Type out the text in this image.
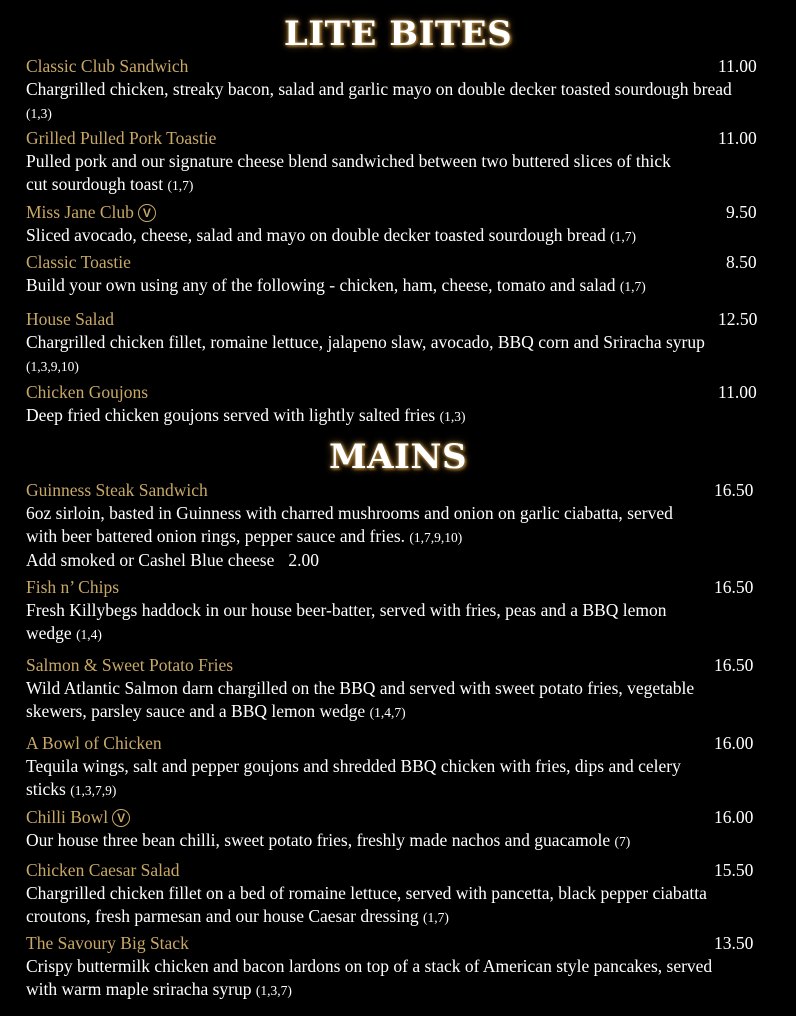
LITE BITES
Classic Club Sandwich	11.00
Chargrilled chicken, streaky bacon, salad and garlic mayo on double decker toasted sourdough bread (1,3)
Grilled Pulled Pork Toastie	11.00
Pulled pork and our signature cheese blend sandwiched between two buttered slices of thick cut sourdough toast (1,7)
Miss Jane Club V	9.50
Sliced avocado, cheese, salad and mayo on double decker toasted sourdough bread (1,7)
Classic Toastie	8.50
Build your own using any of the following - chicken, ham, cheese, tomato and salad (1,7)
House Salad	12.50
Chargrilled chicken fillet, romaine lettuce, jalapeno slaw, avocado, BBQ corn and Sriracha syrup (1,3,9,10)
Chicken Goujons	11.00
Deep fried chicken goujons served with lightly salted fries (1,3)
MAINS
Guinness Steak Sandwich	16.50
6oz sirloin, basted in Guinness with charred mushrooms and onion on garlic ciabatta, served with beer battered onion rings, pepper sauce and fries. (1,7,9,10)
Add smoked or Cashel Blue cheese 2.00
Fish n’ Chips	16.50
Fresh Killybegs haddock in our house beer-batter, served with fries, peas and a BBQ lemon wedge (1,4)
Salmon & Sweet Potato Fries	16.50
Wild Atlantic Salmon darn chargilled on the BBQ and served with sweet potato fries, vegetable skewers, parsley sauce and a BBQ lemon wedge (1,4,7)
A Bowl of Chicken	16.00
Tequila wings, salt and pepper goujons and shredded BBQ chicken with fries, dips and celery sticks (1,3,7,9)
Chilli Bowl V	16.00
Our house three bean chilli, sweet potato fries, freshly made nachos and guacamole (7)
Chicken Caesar Salad	15.50
Chargrilled chicken fillet on a bed of romaine lettuce, served with pancetta, black pepper ciabatta croutons, fresh parmesan and our house Caesar dressing (1,7)
The Savoury Big Stack	13.50
Crispy buttermilk chicken and bacon lardons on top of a stack of American style pancakes, served with warm maple sriracha syrup (1,3,7)
